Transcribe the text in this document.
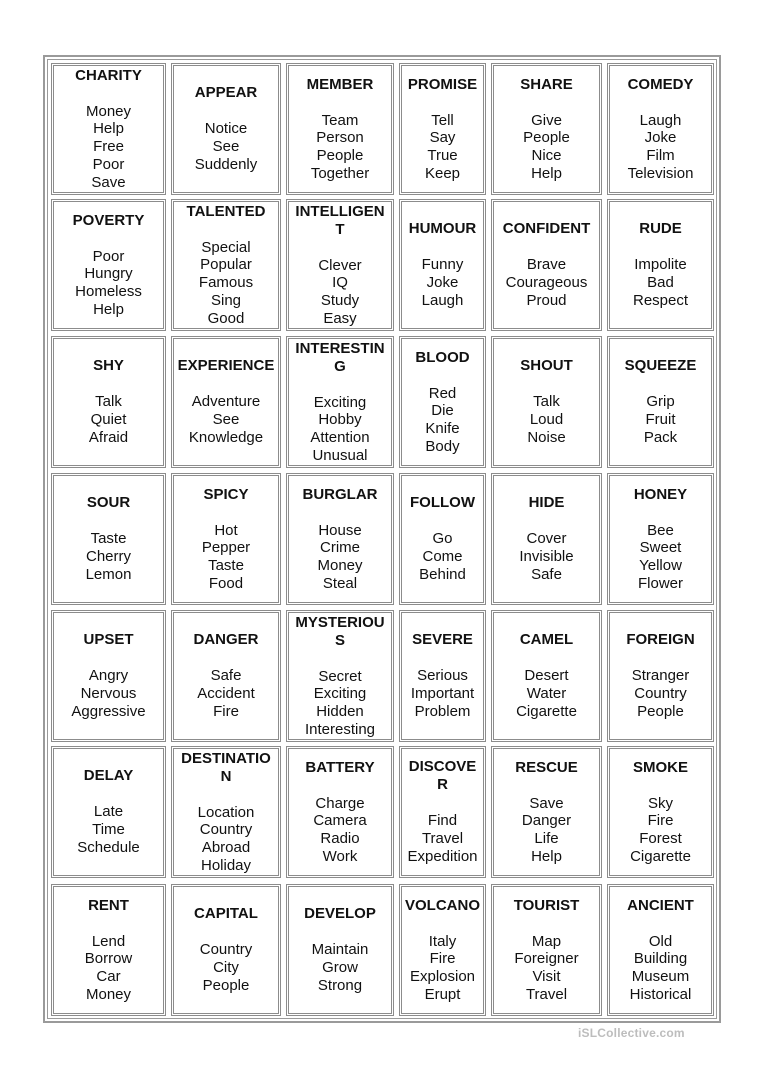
CHARITY
Money
Help
Free
Poor
Save
APPEAR
Notice
See
Suddenly
MEMBER
Team
Person
People
Together
PROMISE
Tell
Say
True
Keep
SHARE
Give
People
Nice
Help
COMEDY
Laugh
Joke
Film
Television
POVERTY
Poor
Hungry
Homeless
Help
TALENTED
Special
Popular
Famous
Sing
Good
INTELLIGENT
Clever
IQ
Study
Easy
HUMOUR
Funny
Joke
Laugh
CONFIDENT
Brave
Courageous
Proud
RUDE
Impolite
Bad
Respect
SHY
Talk
Quiet
Afraid
EXPERIENCE
Adventure
See
Knowledge
INTERESTING
Exciting
Hobby
Attention
Unusual
BLOOD
Red
Die
Knife
Body
SHOUT
Talk
Loud
Noise
SQUEEZE
Grip
Fruit
Pack
SOUR
Taste
Cherry
Lemon
SPICY
Hot
Pepper
Taste
Food
BURGLAR
House
Crime
Money
Steal
FOLLOW
Go
Come
Behind
HIDE
Cover
Invisible
Safe
HONEY
Bee
Sweet
Yellow
Flower
UPSET
Angry
Nervous
Aggressive
DANGER
Safe
Accident
Fire
MYSTERIOUS
Secret
Exciting
Hidden
Interesting
SEVERE
Serious
Important
Problem
CAMEL
Desert
Water
Cigarette
FOREIGN
Stranger
Country
People
DELAY
Late
Time
Schedule
DESTINATION
Location
Country
Abroad
Holiday
BATTERY
Charge
Camera
Radio
Work
DISCOVER
Find
Travel
Expedition
RESCUE
Save
Danger
Life
Help
SMOKE
Sky
Fire
Forest
Cigarette
RENT
Lend
Borrow
Car
Money
CAPITAL
Country
City
People
DEVELOP
Maintain
Grow
Strong
VOLCANO
Italy
Fire
Explosion
Erupt
TOURIST
Map
Foreigner
Visit
Travel
ANCIENT
Old
Building
Museum
Historical
iSLCollective.com
